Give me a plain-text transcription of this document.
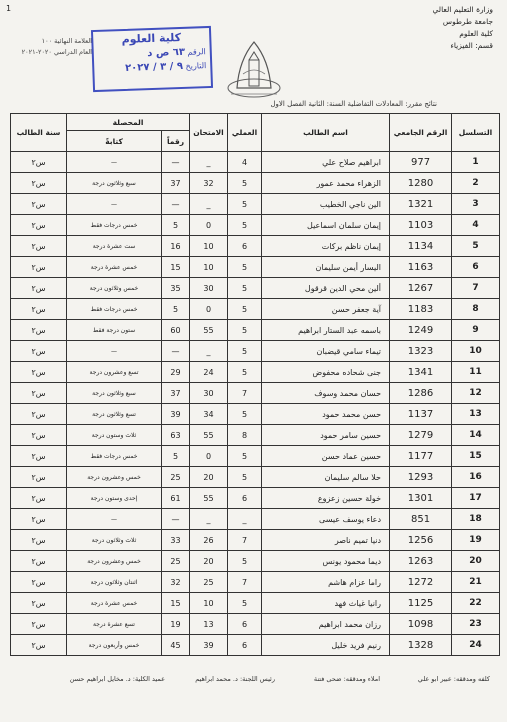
1	وزارة التعليم العالي
جامعة طرطوس
كلية العلوم
قسم: الفيزياء
كلية العلوم
الرقم ٦٣ ص د
التاريخ ٩ / ٣ / ٢٠٢٧
العلامة النهائية ١٠٠
العام الدراسي ٢٠٢٠-٢٠٢١
نتائج مقرر: المعادلات التفاضلية السنة: الثانية الفصل الاول
التسلسل	الرقم الجامعي	اسم الطالب	العملي	الامتحان	المحصلة		سنة الطالب
					رقماً	كتابةً	
1	977	ابراهيم صلاح علي	4	_	—	—	س٢
2	1280	الزهراء محمد عمور	5	32	37	سبع وثلاثون درجة	س٢
3	1321	الين ناجي الخطيب	5	_	—	—	س٢
4	1103	إيمان سلمان اسماعيل	5	0	5	خمس درجات فقط	س٢
5	1134	إيمان ناظم بركات	6	10	16	ست عشرة درجة	س٢
6	1163	اليسار أيمن سليمان	5	10	15	خمس عشرة درجة	س٢
7	1267	ألين محي الدين قرقول	5	30	35	خمس وثلاثون درجة	س٢
8	1183	آية جعفر حسن	5	0	5	خمس درجات فقط	س٢
9	1249	باسمه عبد الستار ابراهيم	5	55	60	ستون درجة فقط	س٢
10	1323	تيماء سامي قيضبان	5	_	—	—	س٢
11	1341	جنى شحاده محفوض	5	24	29	تسع وعشرون درجة	س٢
12	1286	حسان محمد وسوف	7	30	37	سبع وثلاثون درجة	س٢
13	1137	حسن محمد حمود	5	34	39	تسع وثلاثون درجة	س٢
14	1279	حسين سامر حمود	8	55	63	ثلاث وستون درجة	س٢
15	1177	حسين عماد حسن	5	0	5	خمس درجات فقط	س٢
16	1293	حلا سالم سليمان	5	20	25	خمس وعشرون درجة	س٢
17	1301	خولة حسين زعزوع	6	55	61	إحدى وستون درجة	س٢
18	851	دعاء يوسف عيسى	_	_	—	—	س٢
19	1256	دنيا تميم ناصر	7	26	33	ثلاث وثلاثون درجة	س٢
20	1263	ديما محمود يونس	5	20	25	خمس وعشرون درجة	س٢
21	1272	راما عزام هاشم	7	25	32	اثنتان وثلاثون درجة	س٢
22	1125	رانيا غياث فهد	5	10	15	خمس عشرة درجة	س٢
23	1098	رزان محمد ابراهيم	6	13	19	تسع عشرة درجة	س٢
24	1328	رنيم فريد خليل	6	39	45	خمس وأربعون درجة	س٢
كلفه ومدققه: عبير ابو علي
املاء ومدققه: ضحى فتنة
رئيس اللجنة: د. محمد ابراهيم
عميد الكلية: د. مخايل ابراهيم حسن
